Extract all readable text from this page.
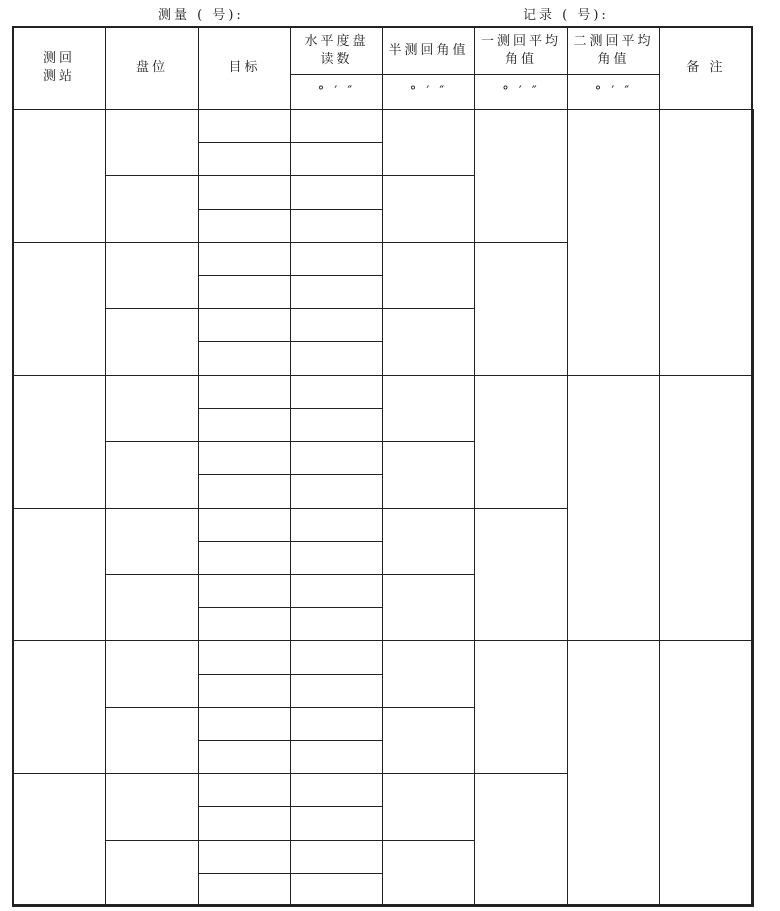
测量 ( 号):	记录 ( 号):
测回
测站
盘位	目标
水平度盘
读数
° ′ ″
半测回角值
° ′ ″
一测回平均
角值
° ′ ″
二测回平均
角值
° ′ ″
备 注
